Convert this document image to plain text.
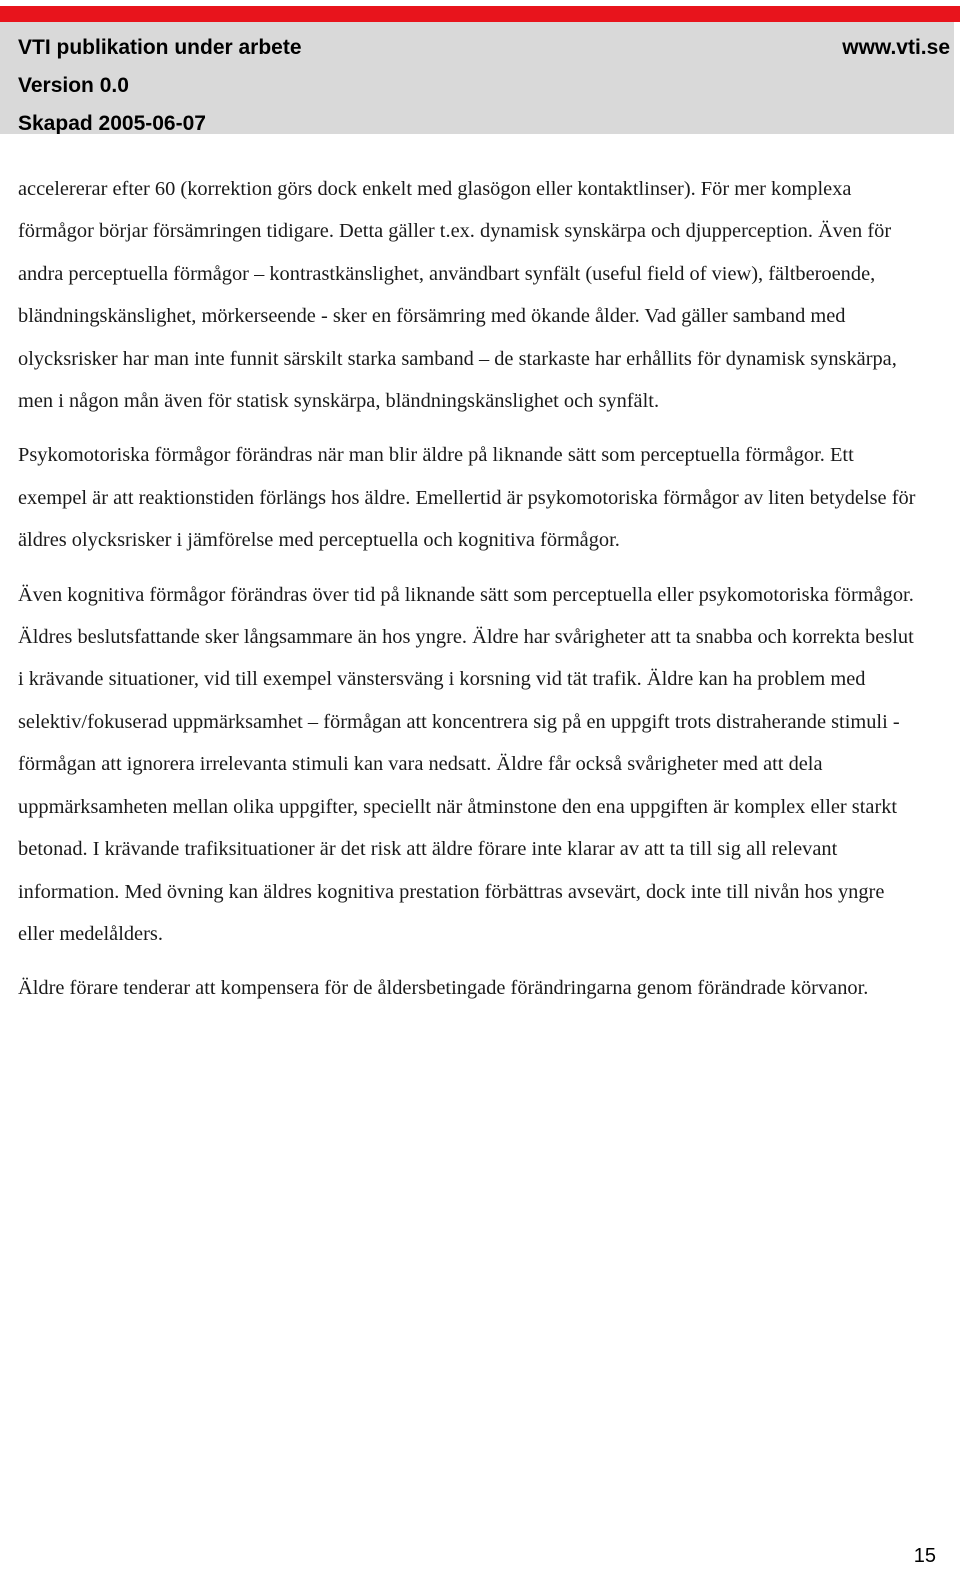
VTI publikation under arbete
Version 0.0
Skapad 2005-06-07
www.vti.se

accelererar efter 60 (korrektion görs dock enkelt med glasögon eller kontaktlinser). För mer komplexa förmågor börjar försämringen tidigare. Detta gäller t.ex. dynamisk synskärpa och djupperception. Även för andra perceptuella förmågor – kontrastkänslighet, användbart synfält (useful field of view), fältberoende, bländningskänslighet, mörkerseende - sker en försämring med ökande ålder. Vad gäller samband med olycksrisker har man inte funnit särskilt starka samband – de starkaste har erhållits för dynamisk synskärpa, men i någon mån även för statisk synskärpa, bländningskänslighet och synfält.

Psykomotoriska förmågor förändras när man blir äldre på liknande sätt som perceptuella förmågor. Ett exempel är att reaktionstiden förlängs hos äldre. Emellertid är psykomotoriska förmågor av liten betydelse för äldres olycksrisker i jämförelse med perceptuella och kognitiva förmågor.

Även kognitiva förmågor förändras över tid på liknande sätt som perceptuella eller psykomotoriska förmågor. Äldres beslutsfattande sker långsammare än hos yngre. Äldre har svårigheter att ta snabba och korrekta beslut i krävande situationer, vid till exempel vänstersväng i korsning vid tät trafik. Äldre kan ha problem med selektiv/fokuserad uppmärksamhet – förmågan att koncentrera sig på en uppgift trots distraherande stimuli - förmågan att ignorera irrelevanta stimuli kan vara nedsatt. Äldre får också svårigheter med att dela uppmärksamheten mellan olika uppgifter, speciellt när åtminstone den ena uppgiften är komplex eller starkt betonad. I krävande trafiksituationer är det risk att äldre förare inte klarar av att ta till sig all relevant information. Med övning kan äldres kognitiva prestation förbättras avsevärt, dock inte till nivån hos yngre eller medelålders.

Äldre förare tenderar att kompensera för de åldersbetingade förändringarna genom förändrade körvanor.

15
